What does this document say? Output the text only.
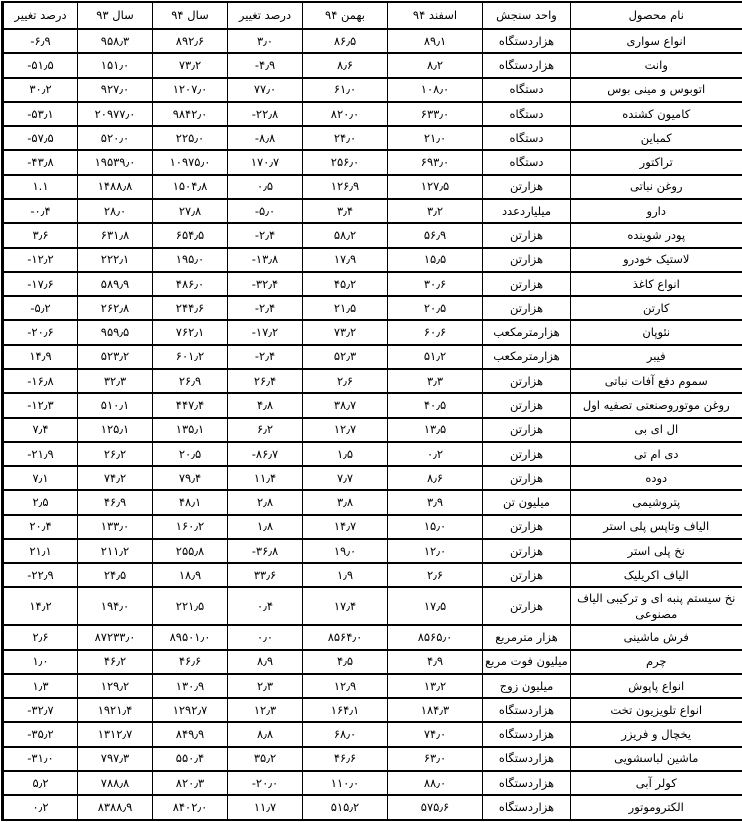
نام محصول	واحد سنجش	اسفند ۹۴	بهمن ۹۴	درصد تغییر	سال ۹۴	سال ۹۳	درصد تغییر
انواع سواری	هزاردستگاه	۸۹٫۱	۸۶٫۵	۳٫۰	۸۹۲٫۶	۹۵۸٫۳	-۶٫۹
وانت	هزاردستگاه	۸٫۲	۸٫۶	-۴٫۹	۷۳٫۲	۱۵۱٫۰	-۵۱٫۵
اتوبوس و مینی بوس	دستگاه	۱۰۸٫۰	۶۱٫۰	۷۷٫۰	۱۲۰۷٫۰	۹۲۷٫۰	۳۰٫۲
کامیون کشنده	دستگاه	۶۳۳٫۰	۸۲۰٫۰	-۲۲٫۸	۹۸۴۲٫۰	۲۰۹۷۷٫۰	-۵۳٫۱
کمباین	دستگاه	۲۱٫۰	۲۴٫۰	-۸٫۸	۲۲۵٫۰	۵۲۰٫۰	-۵۷٫۵
تراکتور	دستگاه	۶۹۳٫۰	۲۵۶٫۰	۱۷۰٫۷	۱۰۹۷۵٫۰	۱۹۵۳۹٫۰	-۴۳٫۸
روغن نباتی	هزارتن	۱۲۷٫۵	۱۲۶٫۹	۰٫۵	۱۵۰۴٫۸	۱۴۸۸٫۸	۱.۱
دارو	میلیاردعدد	۳٫۲	۳٫۴	-۵٫۰	۲۷٫۸	۲۸٫۰	-۰٫۴
پودر شوینده	هزارتن	۵۶٫۹	۵۸٫۲	-۲٫۴	۶۵۴٫۵	۶۳۱٫۸	۳٫۶
لاستیک خودرو	هزارتن	۱۵٫۵	۱۷٫۹	-۱۳٫۸	۱۹۵٫۰	۲۲۲٫۱	-۱۲٫۲
انواع کاغذ	هزارتن	۳۰٫۶	۴۵٫۲	-۳۲٫۴	۴۸۶٫۰	۵۸۹٫۹	-۱۷٫۶
کارتن	هزارتن	۲۰٫۵	۲۱٫۵	-۲٫۴	۲۴۴٫۶	۲۶۲٫۸	-۵٫۲
نئوپان	هزارمترمکعب	۶۰٫۶	۷۳٫۲	-۱۷٫۲	۷۶۲٫۱	۹۵۹٫۵	-۲۰٫۶
فیبر	هزارمترمکعب	۵۱٫۲	۵۲٫۳	-۲٫۴	۶۰۱٫۲	۵۲۳٫۲	۱۴٫۹
سموم دفع آفات نباتی	هزارتن	۳٫۳	۲٫۶	۲۶٫۴	۲۶٫۹	۳۲٫۳	-۱۶٫۸
روغن موتوروصنعتی تصفیه اول	هزارتن	۴۰٫۵	۳۸٫۷	۴٫۸	۴۴۷٫۴	۵۱۰٫۱	-۱۲٫۳
ال ای بی	هزارتن	۱۳٫۵	۱۲٫۷	۶٫۲	۱۳۵٫۱	۱۲۵٫۱	۷٫۴
دی ام تی	هزارتن	۰٫۲	۱٫۵	-۸۶٫۷	۲۰٫۵	۲۶٫۲	-۲۱٫۹
دوده	هزارتن	۸٫۶	۷٫۷	۱۱٫۴	۷۹٫۴	۷۴٫۲	۷٫۱
پتروشیمی	میلیون تن	۳٫۹	۳٫۸	۲٫۸	۴۸٫۱	۴۶٫۹	۲٫۵
الیاف وتاپس پلی استر	هزارتن	۱۵٫۰	۱۴٫۷	۱٫۸	۱۶۰٫۲	۱۳۳٫۰	۲۰٫۴
نخ پلی استر	هزارتن	۱۲٫۰	۱۹٫۰	-۳۶٫۸	۲۵۵٫۸	۲۱۱٫۲	۲۱٫۱
الیاف اکریلیک	هزارتن	۲٫۶	۱٫۹	۳۳٫۶	۱۸٫۹	۲۴٫۵	-۲۲٫۹
نخ سیستم پنبه ای و ترکیبی الیاف مصنوعی	هزارتن	۱۷٫۵	۱۷٫۴	۰٫۴	۲۲۱٫۵	۱۹۴٫۰	۱۴٫۲
فرش ماشینی	هزار مترمربع	۸۵۶۵٫۰	۸۵۶۴٫۰	۰٫۰	۸۹۵۰۱٫۰	۸۷۲۳۳٫۰	۲٫۶
چرم	میلیون فوت مربع	۴٫۹	۴٫۵	۸٫۹	۴۶٫۶	۴۶٫۲	۱٫۰
انواع پاپوش	میلیون زوج	۱۳٫۲	۱۲٫۹	۲٫۳	۱۳۰٫۹	۱۲۹٫۲	۱٫۳
انواع تلویزیون تخت	هزاردستگاه	۱۸۴٫۳	۱۶۴٫۱	۱۲٫۳	۱۲۹۲٫۷	۱۹۲۱٫۴	-۳۲٫۷
یخچال و فریزر	هزاردستگاه	۷۴٫۰	۶۸٫۰	۸٫۸	۸۴۹٫۹	۱۳۱۲٫۷	-۳۵٫۲
ماشین لباسشویی	هزاردستگاه	۶۳٫۰	۴۶٫۶	۳۵٫۲	۵۵۰٫۴	۷۹۷٫۳	-۳۱٫۰
کولر آبی	هزاردستگاه	۸۸٫۰	۱۱۰٫۰	-۲۰٫۰	۸۲۰٫۳	۷۸۸٫۸	۵٫۲
الکتروموتور	هزاردستگاه	۵۷۵٫۶	۵۱۵٫۲	۱۱٫۷	۸۴۰۲٫۰	۸۳۸۸٫۹	۰٫۲
